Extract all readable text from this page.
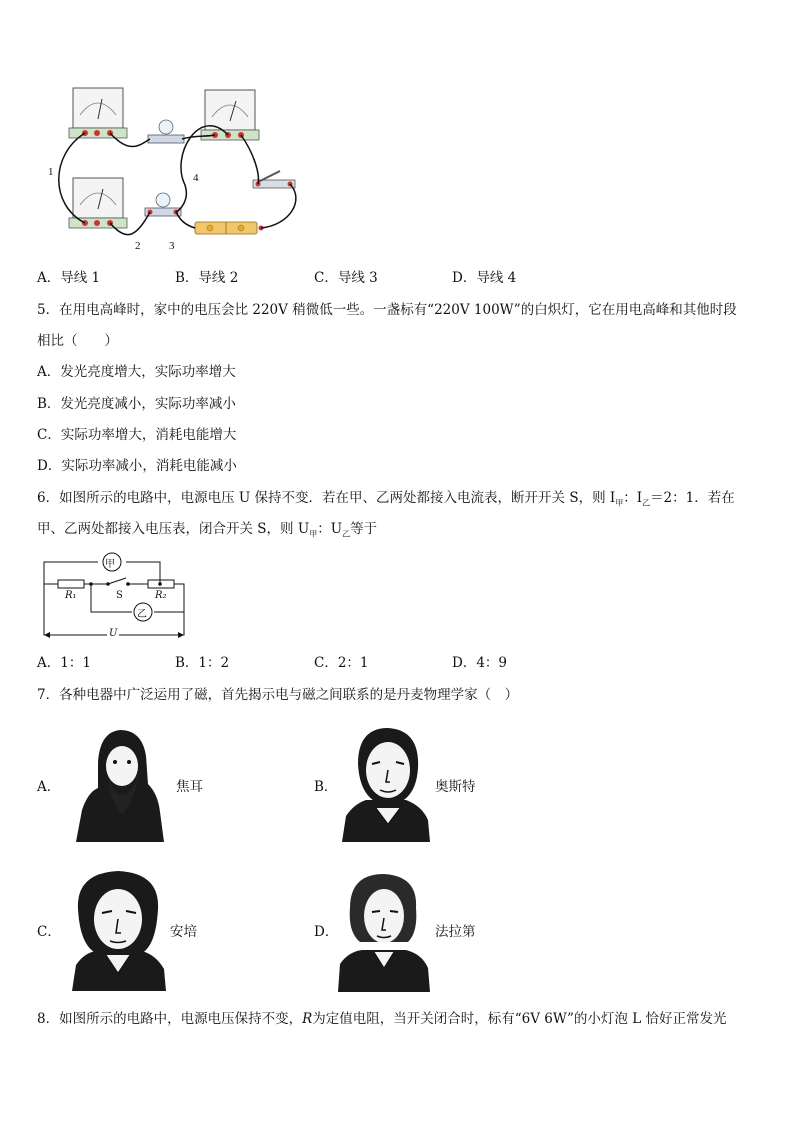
1
2	3
4
A．导线 1	B．导线 2	C．导线 3	D．导线 4
5．在用电高峰时，家中的电压会比 220V 稍微低一些。一盏标有“220V 100W”的白炽灯，它在用电高峰和其他时段
相比（　　）
A．发光亮度增大，实际功率增大
B．发光亮度减小，实际功率减小
C．实际功率增大，消耗电能增大
D．实际功率减小，消耗电能减小
6．如图所示的电路中，电源电压 U 保持不变．若在甲、乙两处都接入电流表，断开开关 S，则 $I_甲$：$I_乙=2$：1．若在
甲、乙两处都接入电压表，闭合开关 S，则 $U_甲$：$U_乙$等于
甲
乙
R₁	R₂
S
U
A．1：1	B．1：2	C．2：1	D．4：9
7．各种电器中广泛运用了磁，首先揭示电与磁之间联系的是丹麦物理学家（　）
A．	焦耳	B．	奥斯特
C．	安培	D．	法拉第
8．如图所示的电路中，电源电压保持不变，R为定值电阻，当开关闭合时，标有“6V 6W”的小灯泡 L 恰好正常发光
